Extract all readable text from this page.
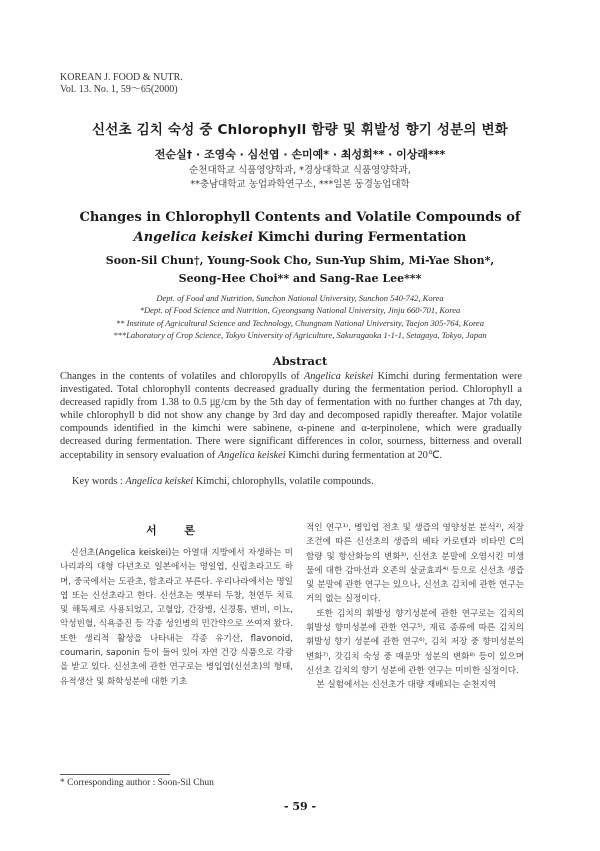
KOREAN J. FOOD & NUTR.
Vol. 13. No. 1, 59～65(2000)
신선초 김치 숙성 중 Chlorophyll 함량 및 휘발성 향기 성분의 변화
전순실† · 조영숙 · 심선엽 · 손미예* · 최성희** · 이상래***
순천대학교 식품영양학과, *경상대학교 식품영양학과,
**충남대학교 농업과학연구소, ***일본 동경농업대학
Changes in Chlorophyll Contents and Volatile Compounds of
Angelica keiskei Kimchi during Fermentation
Soon-Sil Chun†, Young-Sook Cho, Sun-Yup Shim, Mi-Yae Shon*,
Seong-Hee Choi** and Sang-Rae Lee***
Dept. of Food and Nutrition, Sunchon National University, Sunchon 540-742, Korea
*Dept. of Food Science and Nutrition, Gyeongsang National University, Jinju 660-701, Korea
** Institute of Agricultural Science and Technology, Chungnam National University, Taejon 305-764, Korea
***Laboratory of Crop Science, Tokyo University of Agriculture, Sakuragaoka 1-1-1, Setagaya, Tokyo, Japan
Abstract

Changes in the contents of volatiles and chloropylls of Angelica keiskei Kimchi during fermentation were investigated. Total chlorophyll contents decreased gradually during the fermentation period. Chlorophyll a decreased rapidly from 1.38 to 0.5 ㎍/cm by the 5th day of fermentation with no further changes at 7th day, while chlorophyll b did not show any change by 3rd day and decomposed rapidly thereafter. Major volatile compounds identified in the kimchi were sabinene, α-pinene and α-terpinolene, which were gradually decreased during fermentation. There were significant differences in color, sourness, bitterness and overall acceptability in sensory evaluation of Angelica keiskei Kimchi during fermentation at 20℃.

Key words : Angelica keiskei Kimchi, chlorophylls, volatile compounds.
서 론

신선초(Angelica keiskei)는 아열대 지방에서 자생하는 미나리과의 대형 다년초로 일본에서는 명일엽, 신립초라고도 하며, 중국에서는 도관초, 함초라고 부른다. 우리나라에서는 명일엽 또는 신선초라고 한다. 신선초는 옛부터 두창, 천연두 치료 및 해독제로 사용되었고, 고혈압, 간장병, 신경통, 변비, 이뇨, 악성빈혈, 식욕증진 등 각종 성인병의 민간약으로 쓰여져 왔다. 또한 생리적 활성을 나타내는 각종 유기산, flavonoid, coumarin, saponin 등이 들어 있어 자연 건강 식품으로 각광을 받고 있다. 신선초에 관한 연구로는 병입엽(신선초)의 형태, 유적생산 및 화학성분에 대한 기초

적인 연구¹⁾, 병입엽 전초 및 생즙의 영양성분 분석²⁾, 저장조건에 따른 신선초의 생즙의 베타 카로텐과 비타민 C의 함량 및 항산화능의 변화³⁾, 신선초 분말에 오염시킨 미생물에 대한 감마선과 오존의 살균효과⁴⁾ 등으로 신선초 생즙 및 분말에 관한 연구는 있으나, 신선초 김치에 관한 연구는 거의 없는 실정이다.

또한 김치의 휘발성 향기성분에 관한 연구로는 김치의 휘발성 향미성분에 관한 연구⁵⁾, 재료 종류에 따른 김치의 휘발성 향기 성분에 관한 연구⁶⁾, 김치 저장 중 향미성분의 변화⁷⁾, 갓김치 숙성 중 매운맛 성분의 변화⁸⁾ 등이 있으며 신선초 김치의 향기 성분에 관한 연구는 미비한 실정이다.

본 실험에서는 신선초가 대량 재배되는 순천지역

* Corresponding author : Soon-Sil Chun
- 59 -
